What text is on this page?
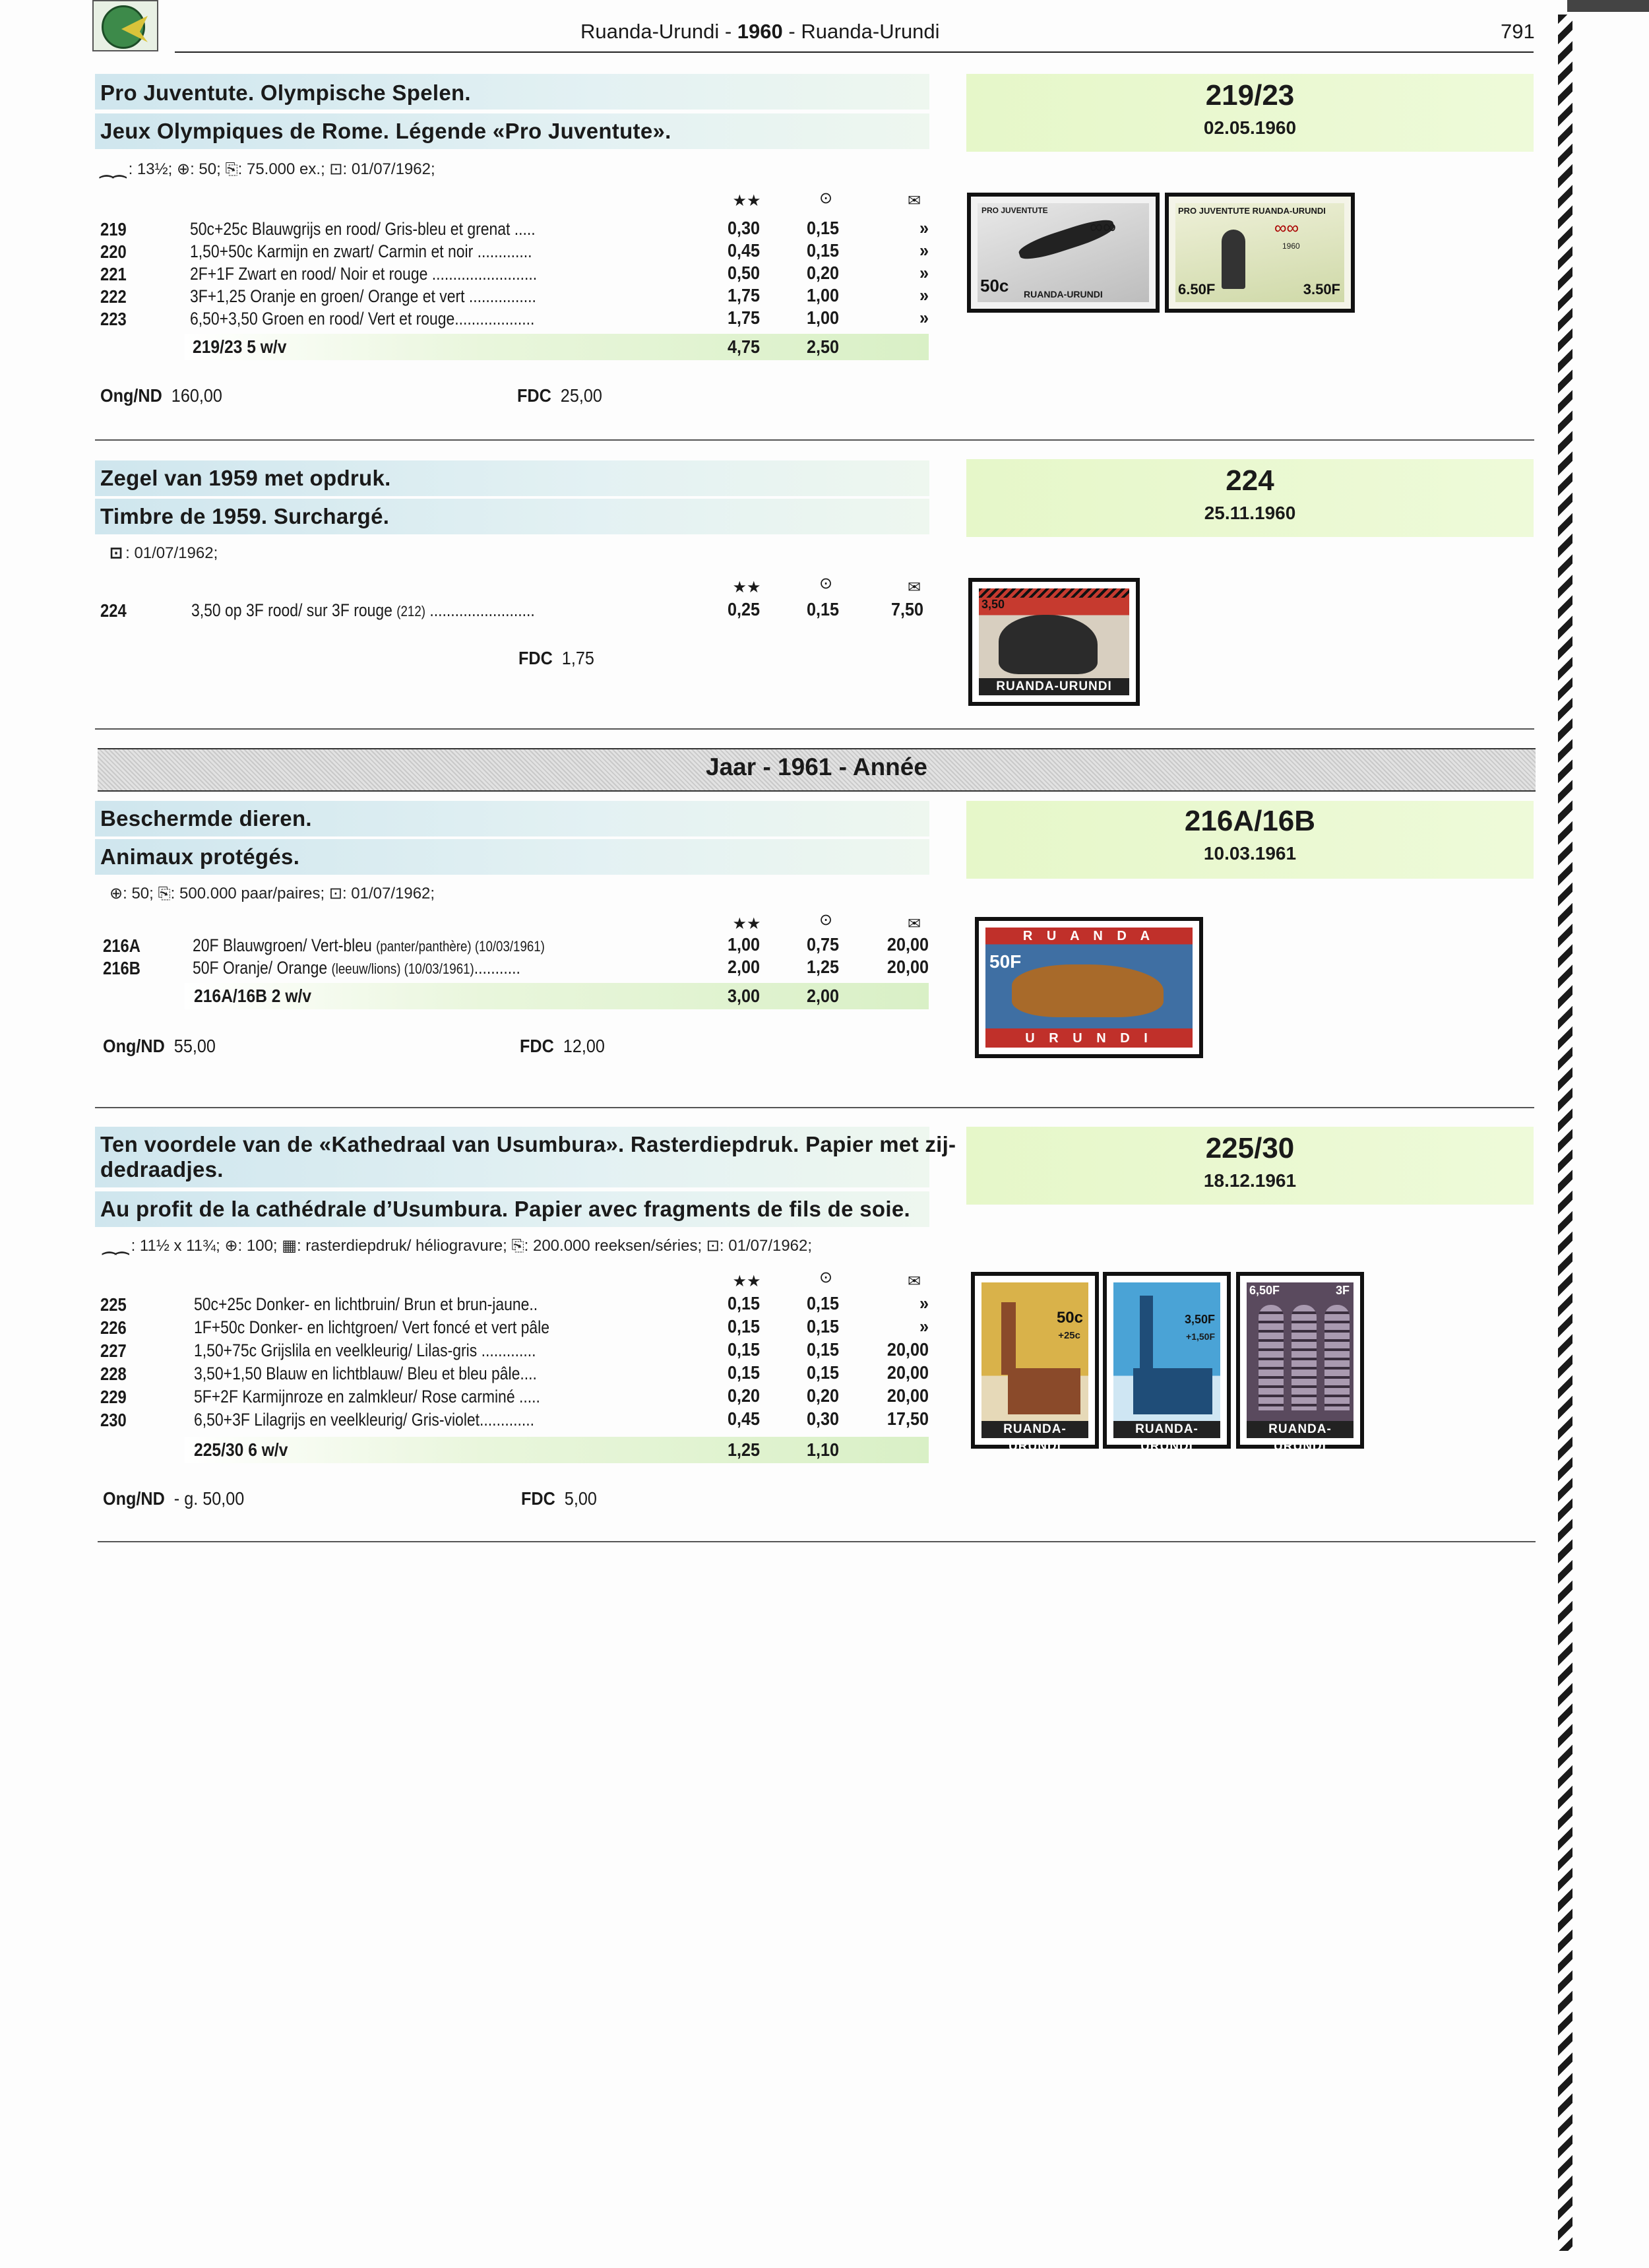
Ruanda-Urundi - 1960 - Ruanda-Urundi	791
Pro Juventute. Olympische Spelen.
Jeux Olympiques de Rome. Légende «Pro Juventute».
219/23
02.05.1960
⁔⁔ : 13½; ⊕: 50; ⎘: 75.000 ex.; ⊡: 01/07/1962;
★★	⊙	✉
219	50c+25c Blauwgrijs en rood/ Gris-bleu et grenat .....	0,30	0,15	»
220	1,50+50c Karmijn en zwart/ Carmin et noir .............	0,45	0,15	»
221	2F+1F Zwart en rood/ Noir et rouge .........................	0,50	0,20	»
222	3F+1,25 Oranje en groen/ Orange et vert ................	1,75	1,00	»
223	6,50+3,50 Groen en rood/ Vert et rouge...................	1,75	1,00	»
219/23 5 w/v	4,75	2,50
Ong/ND 160,00	FDC 25,00
PRO JUVENTUTE
∞∞
50c RUANDA-URUNDI
PRO JUVENTUTE RUANDA-URUNDI
∞∞
1960
6.50F	3.50F
Zegel van 1959 met opdruk.
Timbre de 1959. Surchargé.
224
25.11.1960
⊡ : 01/07/1962;
★★	⊙	✉
224	3,50 op 3F rood/ sur 3F rouge (212) .........................	0,25	0,15	7,50
FDC 1,75
3,50
RUANDA-URUNDI
Jaar - 1961 - Année
Beschermde dieren.
Animaux protégés.
216A/16B
10.03.1961
⊕: 50; ⎘: 500.000 paar/paires; ⊡: 01/07/1962;
★★	⊙	✉
216A	20F Blauwgroen/ Vert-bleu (panter/panthère) (10/03/1961)	1,00	0,75	20,00
216B	50F Oranje/ Orange (leeuw/lions) (10/03/1961)...........	2,00	1,25	20,00
216A/16B 2 w/v	3,00	2,00
Ong/ND 55,00	FDC 12,00
R U A N D A
50F
U R U N D I
Ten voordele van de «Kathedraal van Usumbura». Rasterdiepdruk. Papier met zij-
dedraadjes.
Au profit de la cathédrale d’Usumbura. Papier avec fragments de fils de soie.
225/30
18.12.1961
⁔⁔ : 11½ x 11¾; ⊕: 100; ▦: rasterdiepdruk/ héliogravure; ⎘: 200.000 reeksen/séries; ⊡: 01/07/1962;
★★	⊙	✉
225	50c+25c Donker- en lichtbruin/ Brun et brun-jaune..	0,15	0,15	»
226	1F+50c Donker- en lichtgroen/ Vert foncé et vert pâle	0,15	0,15	»
227	1,50+75c Grijslila en veelkleurig/ Lilas-gris .............	0,15	0,15	20,00
228	3,50+1,50 Blauw en lichtblauw/ Bleu et bleu pâle....	0,15	0,15	20,00
229	5F+2F Karmijnroze en zalmkleur/ Rose carminé .....	0,20	0,20	20,00
230	6,50+3F Lilagrijs en veelkleurig/ Gris-violet.............	0,45	0,30	17,50
225/30 6 w/v	1,25	1,10
Ong/ND - g. 50,00	FDC 5,00
50c
+25c
RUANDA-URUNDI
3,50F
+1,50F
RUANDA-URUNDI
6,50F	3F
RUANDA-URUNDI
